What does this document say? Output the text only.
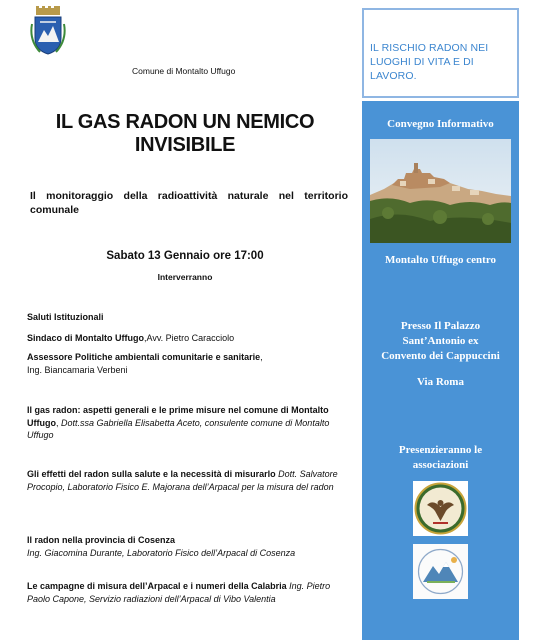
Comune di Montalto Uffugo
IL GAS RADON UN NEMICO
INVISIBILE
Il monitoraggio della radioattività naturale nel territorio comunale
Sabato 13 Gennaio ore 17:00
Interverranno
Saluti Istituzionali
Sindaco di Montalto Uffugo,Avv. Pietro Caracciolo
Assessore Politiche ambientali comunitarie e sanitarie,
Ing. Biancamaria Verbeni
Il gas radon: aspetti generali e le prime misure nel comune di Montalto Uffugo, Dott.ssa Gabriella Elisabetta Aceto, consulente comune di Montalto Uffugo
Gli effetti del radon sulla salute e la necessità di misurarlo Dott. Salvatore Procopio, Laboratorio Fisico E. Majorana dell’Arpacal per la misura del radon
Il radon nella provincia di Cosenza
Ing. Giacomina Durante, Laboratorio Fisico dell’Arpacal di Cosenza
Le campagne di misura dell’Arpacal e i numeri della Calabria Ing. Pietro Paolo Capone, Servizio radiazioni dell’Arpacal di Vibo Valentia
IL RISCHIO RADON NEI LUOGHI DI VITA E DI LAVORO.
Convegno Informativo
Montalto Uffugo centro
Presso Il Palazzo
Sant’Antonio ex
Convento dei Cappuccini
Via Roma
Presenzieranno le
associazioni
